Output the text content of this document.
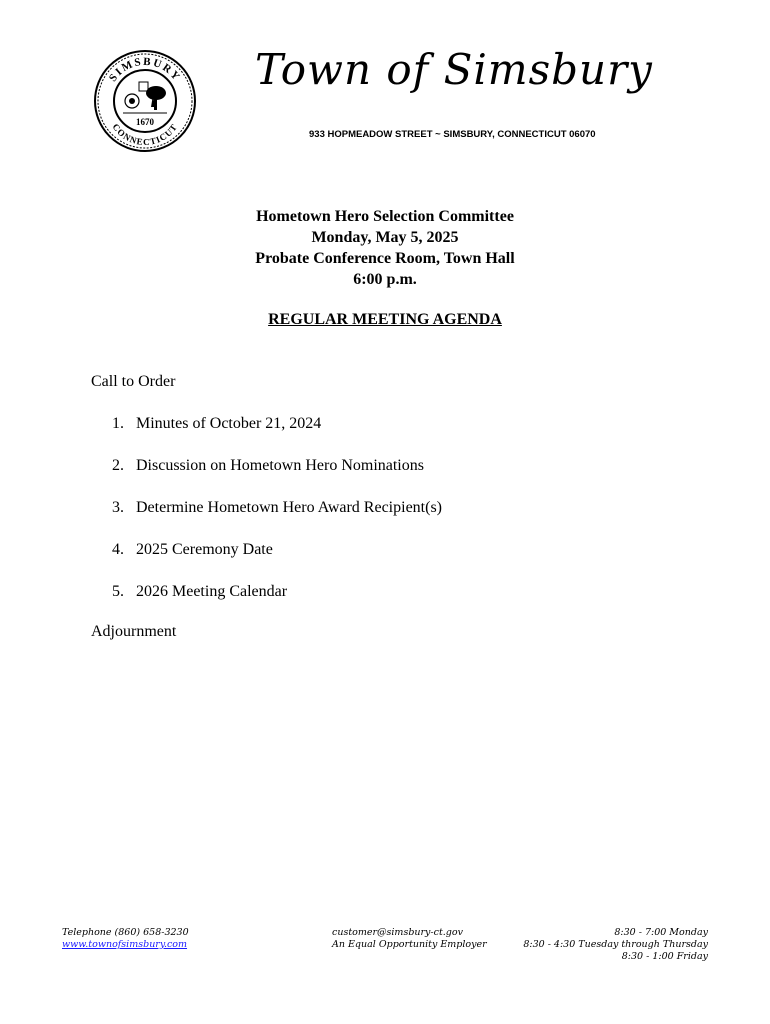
SIMSBURY
CONNECTICUT
1670
Town of Simsbury
933 HOPMEADOW STREET ~ SIMSBURY, CONNECTICUT 06070
Hometown Hero Selection Committee
Monday, May 5, 2025
Probate Conference Room, Town Hall
6:00 p.m.
REGULAR MEETING AGENDA
Call to Order
1. Minutes of October 21, 2024
2. Discussion on Hometown Hero Nominations
3. Determine Hometown Hero Award Recipient(s)
4. 2025 Ceremony Date
5. 2026 Meeting Calendar
Adjournment
Telephone (860) 658-3230
www.townofsimsbury.com
customer@simsbury-ct.gov
An Equal Opportunity Employer
8:30 - 7:00 Monday
8:30 - 4:30 Tuesday through Thursday
8:30 - 1:00 Friday
